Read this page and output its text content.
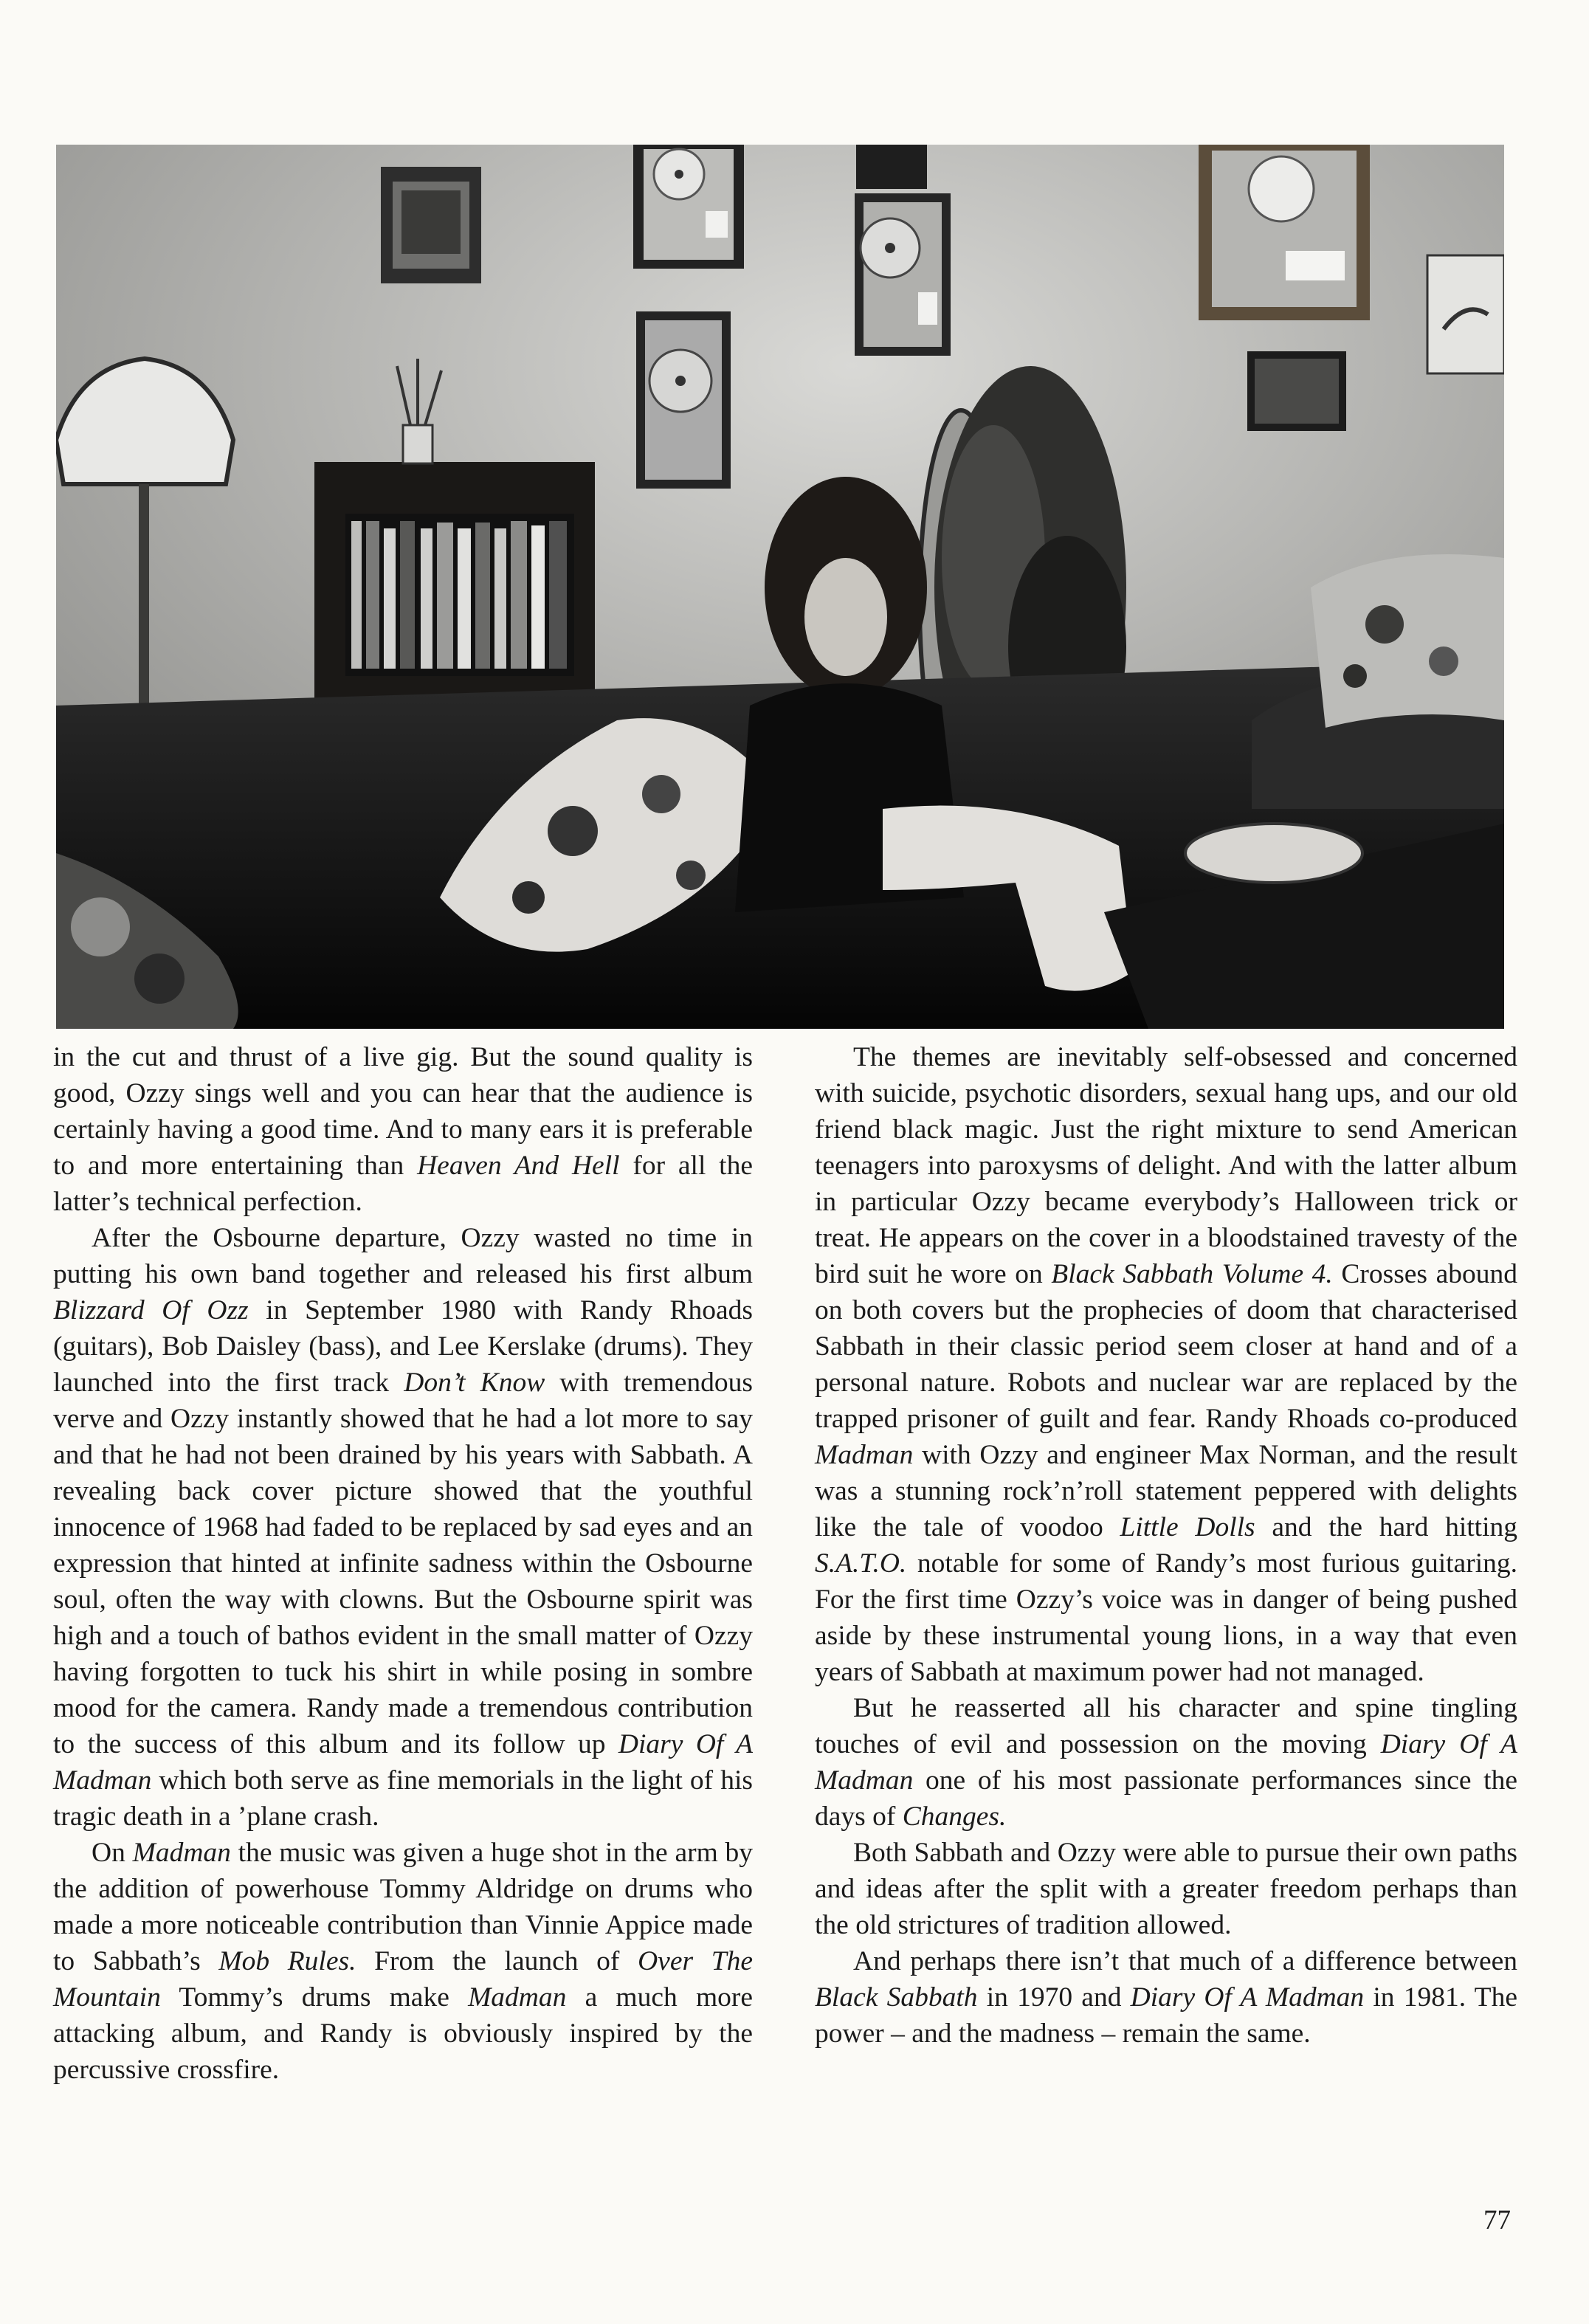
in the cut and thrust of a live gig. But the sound quality is good, Ozzy sings well and you can hear that the audience is certainly having a good time. And to many ears it is preferable to and more entertaining than Heaven And Hell for all the latter’s technical perfection.

After the Osbourne departure, Ozzy wasted no time in putting his own band together and released his first album Blizzard Of Ozz in September 1980 with Randy Rhoads (guitars), Bob Daisley (bass), and Lee Kerslake (drums). They launched into the first track Don’t Know with tremendous verve and Ozzy instantly showed that he had a lot more to say and that he had not been drained by his years with Sabbath. A revealing back cover picture showed that the youthful innocence of 1968 had faded to be replaced by sad eyes and an expression that hinted at infinite sadness within the Osbourne soul, often the way with clowns. But the Osbourne spirit was high and a touch of bathos evident in the small matter of Ozzy having forgotten to tuck his shirt in while posing in sombre mood for the camera. Randy made a tremendous contribution to the success of this album and its follow up Diary Of A Madman which both serve as fine memorials in the light of his tragic death in a ’plane crash.

On Madman the music was given a huge shot in the arm by the addition of powerhouse Tommy Aldridge on drums who made a more noticeable contribution than Vinnie Appice made to Sabbath’s Mob Rules. From the launch of Over The Mountain Tommy’s drums make Madman a much more attacking album, and Randy is obviously inspired by the percussive crossfire.

The themes are inevitably self-obsessed and concerned with suicide, psychotic disorders, sexual hang ups, and our old friend black magic. Just the right mixture to send American teenagers into paroxysms of delight. And with the latter album in particular Ozzy became everybody’s Halloween trick or treat. He appears on the cover in a bloodstained travesty of the bird suit he wore on Black Sabbath Volume 4. Crosses abound on both covers but the prophecies of doom that characterised Sabbath in their classic period seem closer at hand and of a personal nature. Robots and nuclear war are replaced by the trapped prisoner of guilt and fear. Randy Rhoads co-produced Madman with Ozzy and engineer Max Norman, and the result was a stunning rock’n’roll statement peppered with delights like the tale of voodoo Little Dolls and the hard hitting S.A.T.O. notable for some of Randy’s most furious guitaring. For the first time Ozzy’s voice was in danger of being pushed aside by these instrumental young lions, in a way that even years of Sabbath at maximum power had not managed.

But he reasserted all his character and spine tingling touches of evil and possession on the moving Diary Of A Madman one of his most passionate performances since the days of Changes.

Both Sabbath and Ozzy were able to pursue their own paths and ideas after the split with a greater freedom perhaps than the old strictures of tradition allowed.

And perhaps there isn’t that much of a difference between Black Sabbath in 1970 and Diary Of A Madman in 1981. The power – and the madness – remain the same.

77
